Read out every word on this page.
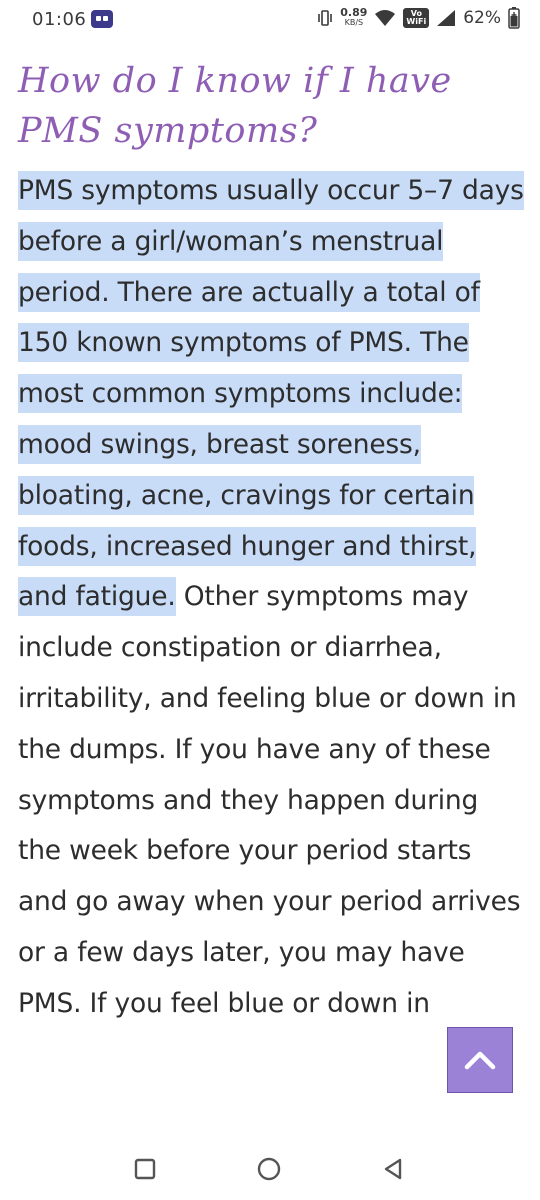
01:06	0.89
KB/S
Vo
WiFi 62%
How do I know if I have PMS symptoms?

PMS symptoms usually occur 5–7 days before a girl/woman’s menstrual period. There are actually a total of 150 known symptoms of PMS. The most common symptoms include: mood swings, breast soreness, bloating, acne, cravings for certain foods, increased hunger and thirst, and fatigue. Other symptoms may include constipation or diarrhea, irritability, and feeling blue or down in the dumps. If you have any of these symptoms and they happen during the week before your period starts and go away when your period arrives or a few days later, you may have PMS. If you feel blue or down in
